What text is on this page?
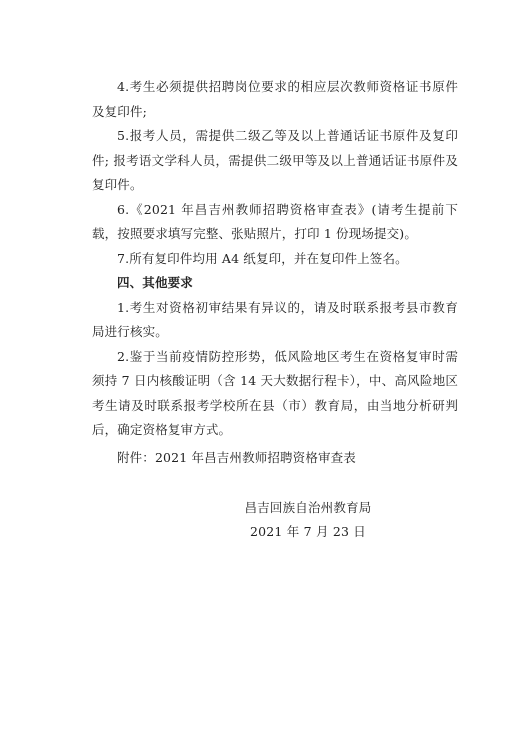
4.考生必须提供招聘岗位要求的相应层次教师资格证书原件及复印件;

5.报考人员，需提供二级乙等及以上普通话证书原件及复印件; 报考语文学科人员，需提供二级甲等及以上普通话证书原件及复印件。

6.《2021 年昌吉州教师招聘资格审查表》(请考生提前下载，按照要求填写完整、张贴照片，打印 1 份现场提交)。

7.所有复印件均用 A4 纸复印，并在复印件上签名。

四、其他要求

1.考生对资格初审结果有异议的，请及时联系报考县市教育局进行核实。

2.鉴于当前疫情防控形势，低风险地区考生在资格复审时需须持 7 日内核酸证明（含 14 天大数据行程卡），中、高风险地区考生请及时联系报考学校所在县（市）教育局，由当地分析研判后，确定资格复审方式。

附件：2021 年昌吉州教师招聘资格审查表

昌吉回族自治州教育局
2021 年 7 月 23 日
